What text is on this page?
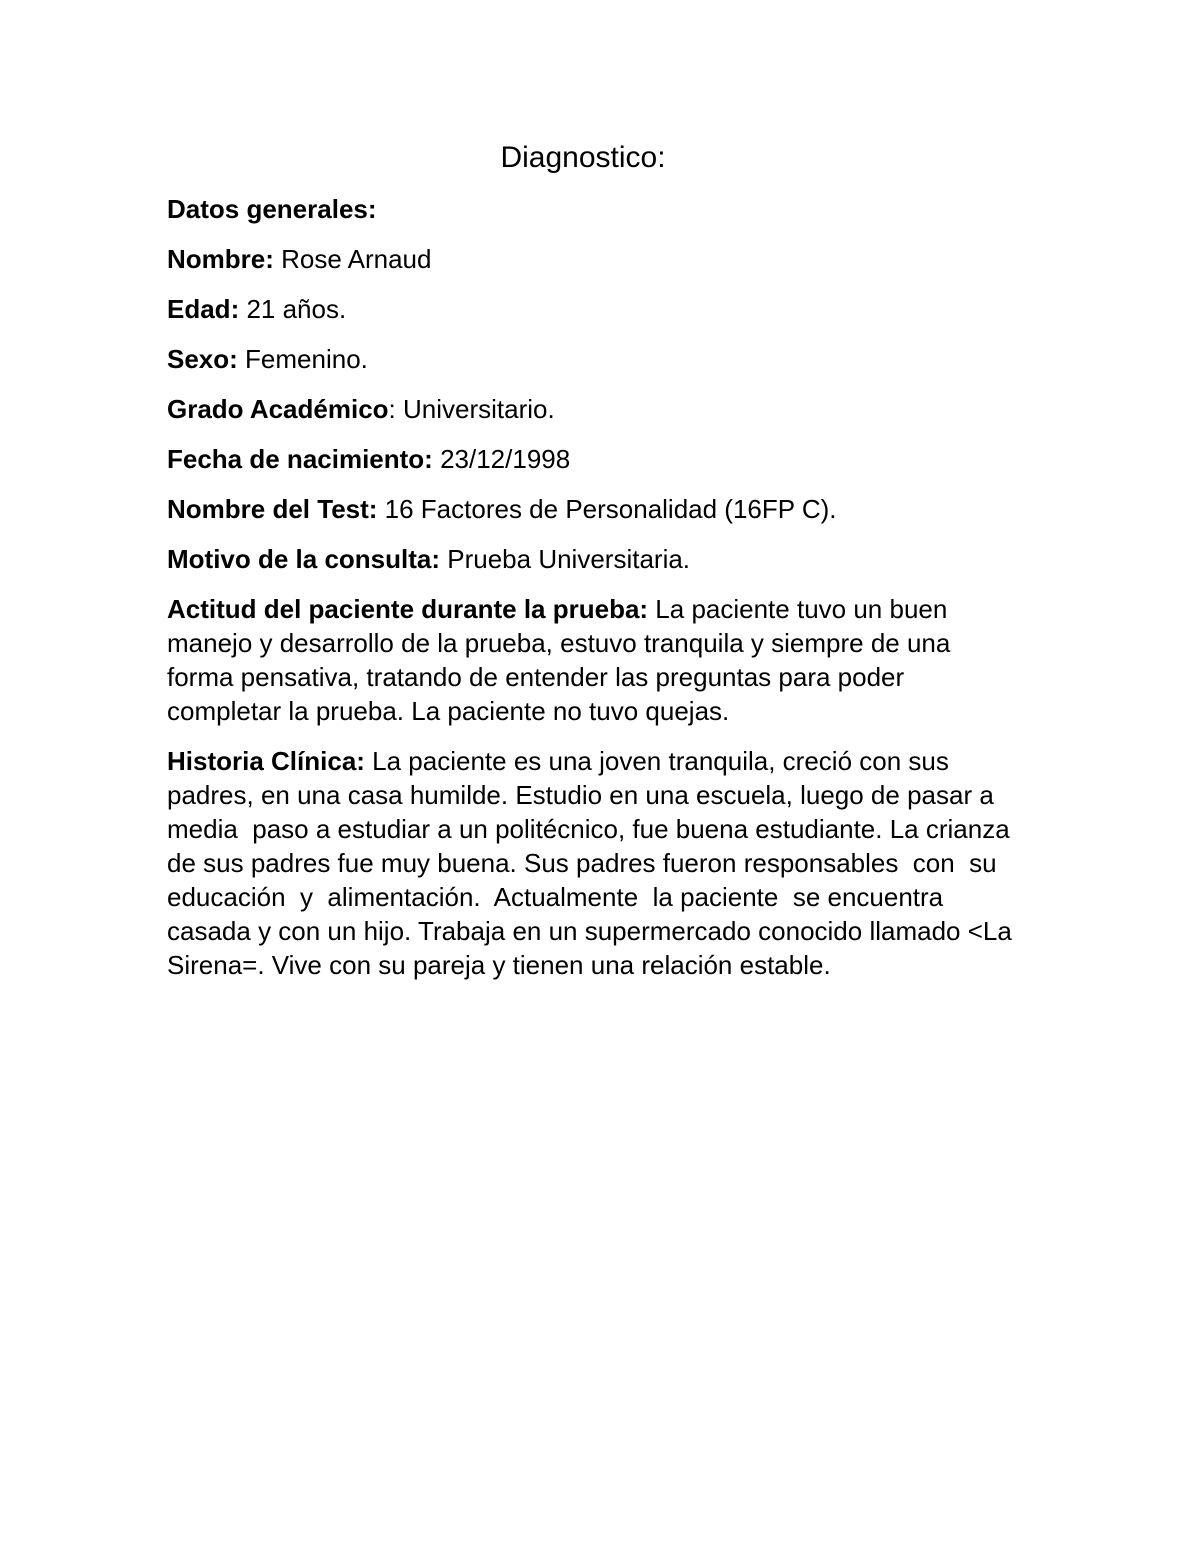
Diagnostico:
Datos generales:
Nombre: Rose Arnaud
Edad: 21 años.
Sexo: Femenino.
Grado Académico: Universitario.
Fecha de nacimiento: 23/12/1998
Nombre del Test: 16 Factores de Personalidad (16FP C).
Motivo de la consulta: Prueba Universitaria.
Actitud del paciente durante la prueba: La paciente tuvo un buen manejo y desarrollo de la prueba, estuvo tranquila y siempre de una forma pensativa, tratando de entender las preguntas para poder completar la prueba. La paciente no tuvo quejas.
Historia Clínica: La paciente es una joven tranquila, creció con sus padres, en una casa humilde. Estudio en una escuela, luego de pasar a media  paso a estudiar a un politécnico, fue buena estudiante. La crianza de sus padres fue muy buena. Sus padres fueron responsables  con  su  educación  y  alimentación.  Actualmente  la paciente  se encuentra casada y con un hijo. Trabaja en un supermercado conocido llamado <La Sirena=. Vive con su pareja y tienen una relación estable.
